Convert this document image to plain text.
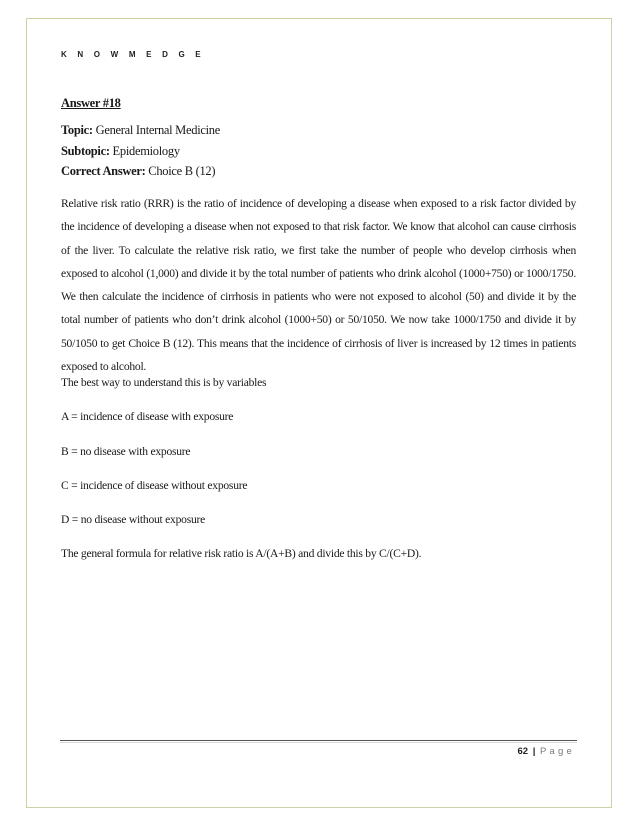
K N O W M E D G E
Answer #18
Topic: General Internal Medicine
Subtopic: Epidemiology
Correct Answer: Choice B (12)

Relative risk ratio (RRR) is the ratio of incidence of developing a disease when exposed to a risk factor divided by the incidence of developing a disease when not exposed to that risk factor. We know that alcohol can cause cirrhosis of the liver. To calculate the relative risk ratio, we first take the number of people who develop cirrhosis when exposed to alcohol (1,000) and divide it by the total number of patients who drink alcohol (1000+750) or 1000/1750. We then calculate the incidence of cirrhosis in patients who were not exposed to alcohol (50) and divide it by the total number of patients who don’t drink alcohol (1000+50) or 50/1050. We now take 1000/1750 and divide it by 50/1050 to get Choice B (12). This means that the incidence of cirrhosis of liver is increased by 12 times in patients exposed to alcohol.

The best way to understand this is by variables
A = incidence of disease with exposure
B = no disease with exposure
C = incidence of disease without exposure
D = no disease without exposure
The general formula for relative risk ratio is A/(A+B) and divide this by C/(C+D).
62 | Page
